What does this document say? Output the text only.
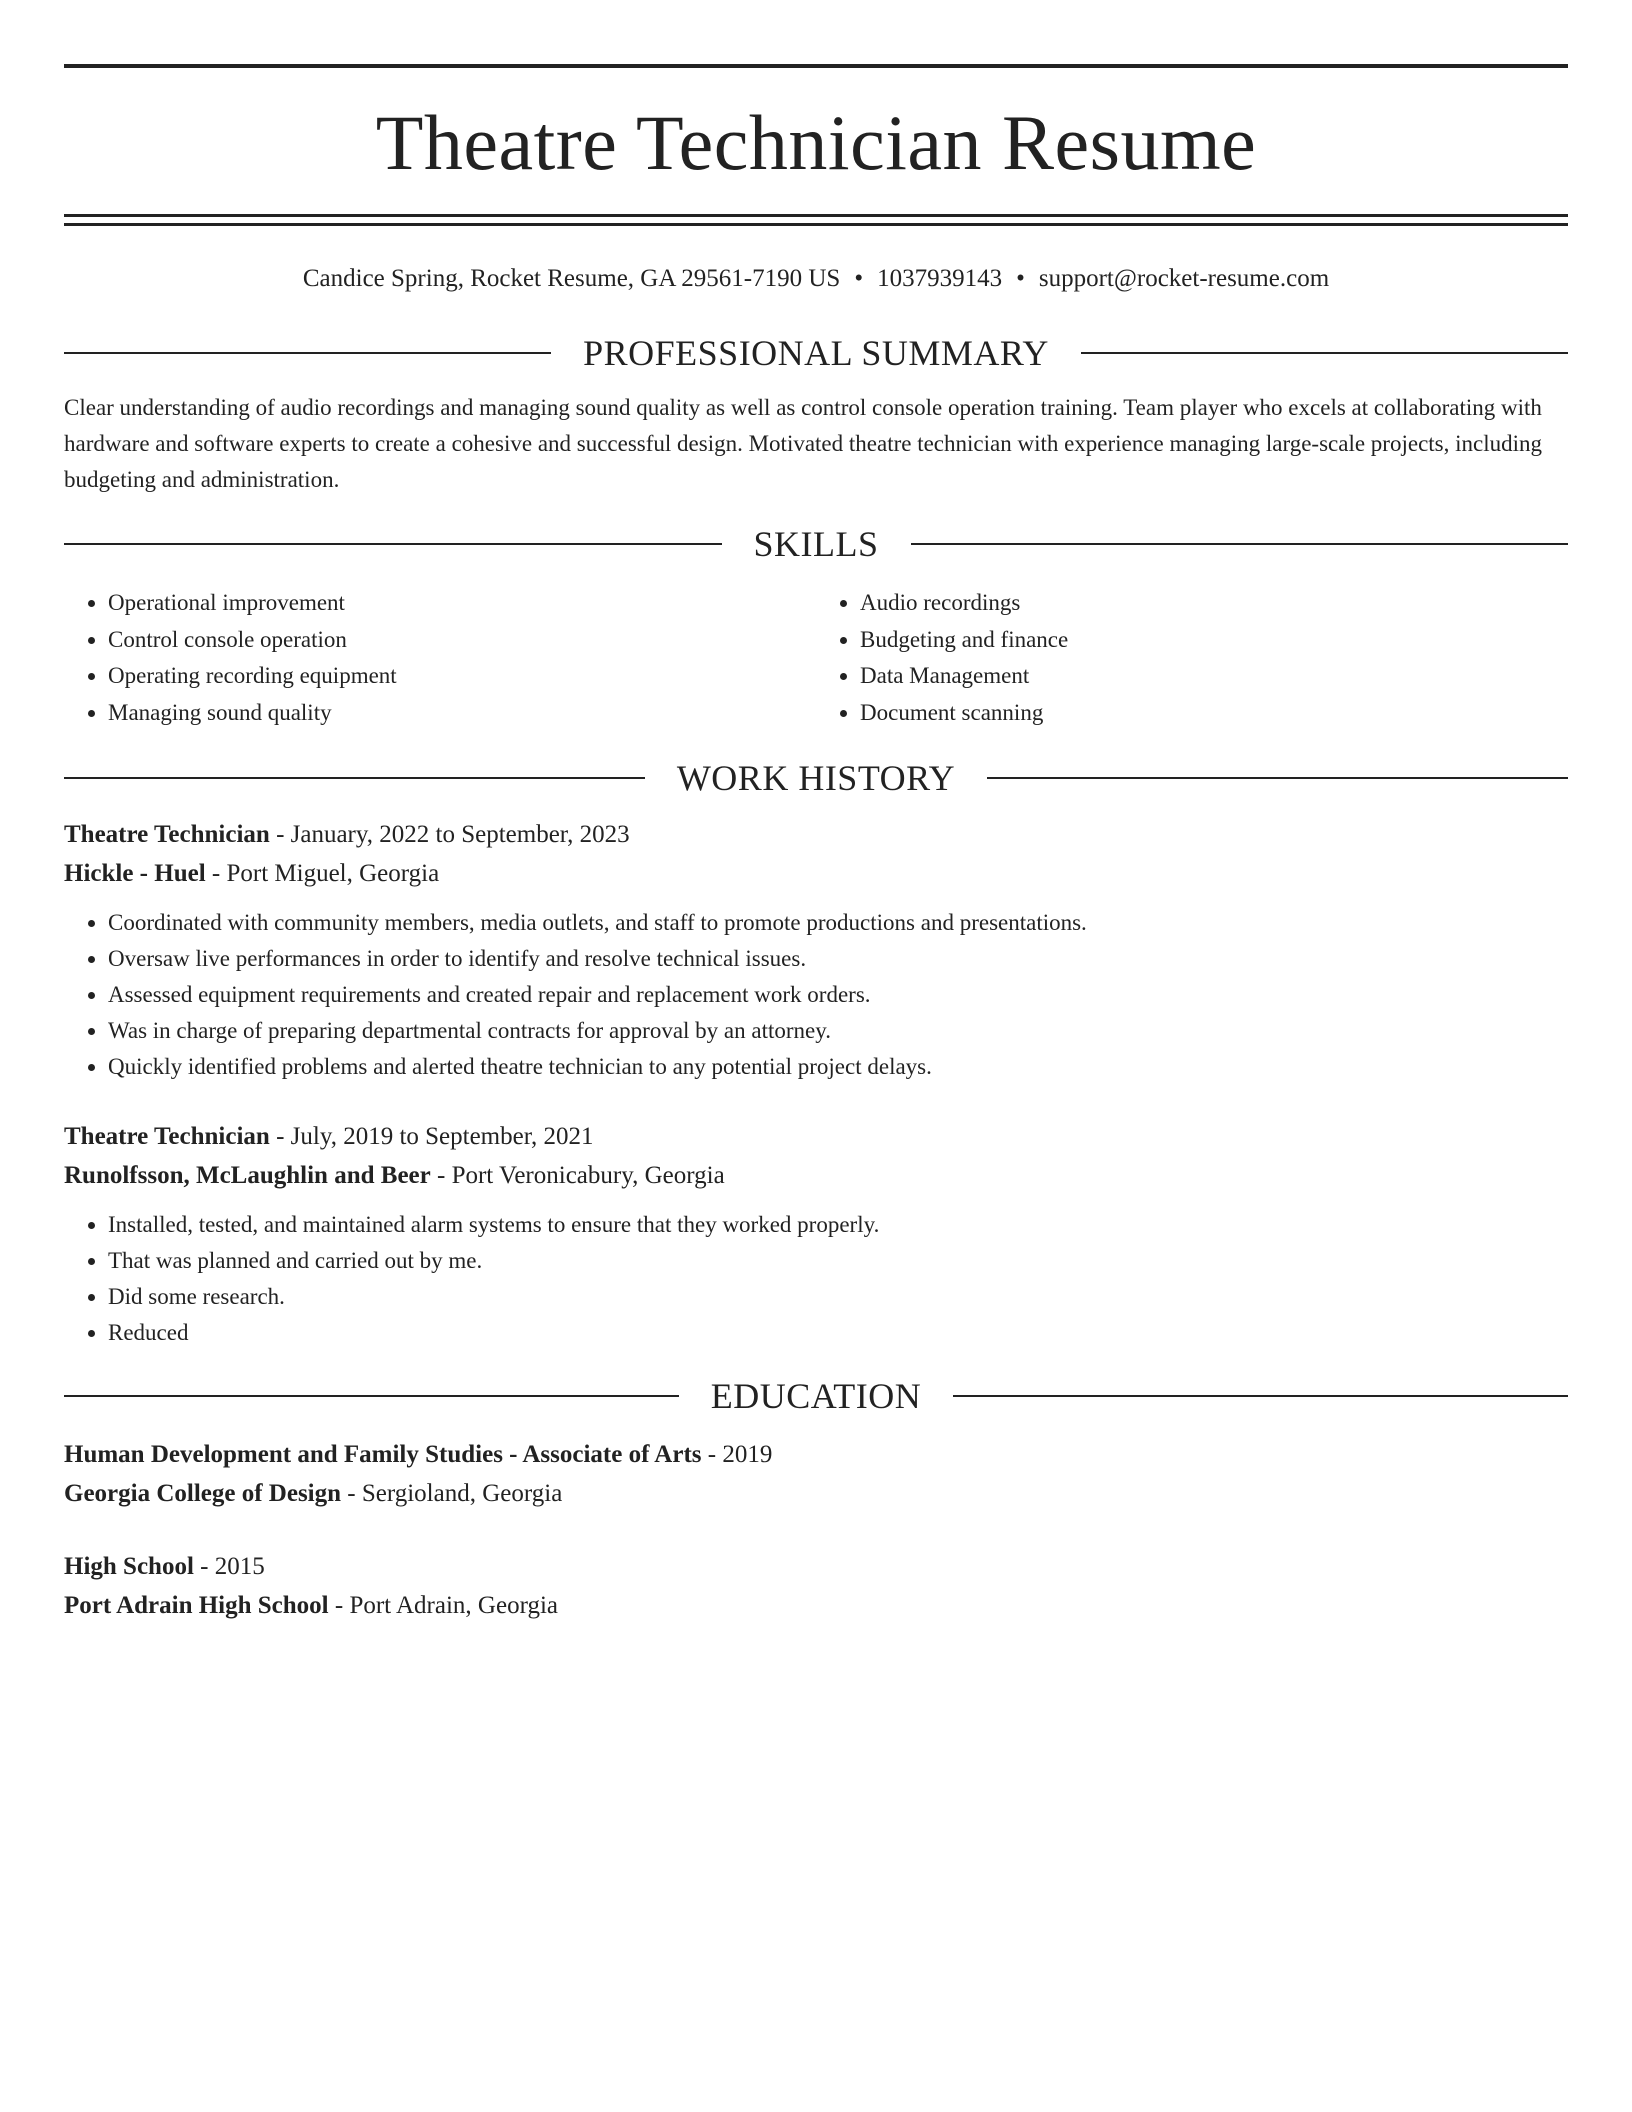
Theatre Technician Resume
Candice Spring, Rocket Resume, GA 29561-7190 US • 1037939143 • support@rocket-resume.com
PROFESSIONAL SUMMARY

Clear understanding of audio recordings and managing sound quality as well as control console operation training. Team player who excels at collaborating with hardware and software experts to create a cohesive and successful design. Motivated theatre technician with experience managing large-scale projects, including budgeting and administration.

SKILLS
• Operational improvement
• Control console operation
• Operating recording equipment
• Managing sound quality
• Audio recordings
• Budgeting and finance
• Data Management
• Document scanning
WORK HISTORY
Theatre Technician - January, 2022 to September, 2023
Hickle - Huel - Port Miguel, Georgia
• Coordinated with community members, media outlets, and staff to promote productions and presentations.
• Oversaw live performances in order to identify and resolve technical issues.
• Assessed equipment requirements and created repair and replacement work orders.
• Was in charge of preparing departmental contracts for approval by an attorney.
• Quickly identified problems and alerted theatre technician to any potential project delays.
Theatre Technician - July, 2019 to September, 2021
Runolfsson, McLaughlin and Beer - Port Veronicabury, Georgia
• Installed, tested, and maintained alarm systems to ensure that they worked properly.
• That was planned and carried out by me.
• Did some research.
• Reduced
EDUCATION
Human Development and Family Studies - Associate of Arts - 2019
Georgia College of Design - Sergioland, Georgia
High School - 2015
Port Adrain High School - Port Adrain, Georgia
